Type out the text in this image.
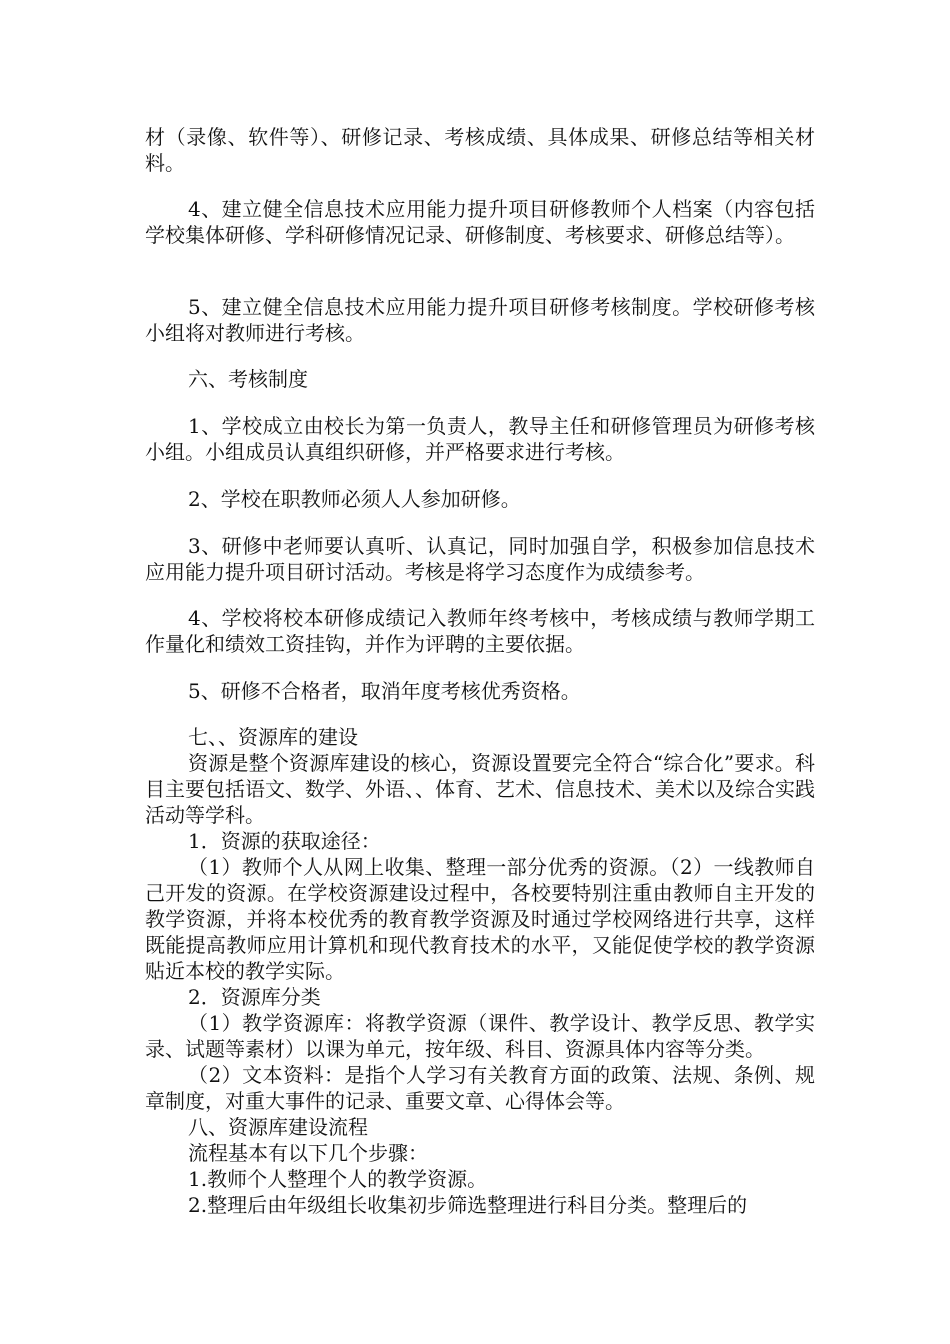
材（录像、软件等）、研修记录、考核成绩、具体成果、研修总结等相关材料。

4、建立健全信息技术应用能力提升项目研修教师个人档案（内容包括学校集体研修、学科研修情况记录、研修制度、考核要求、研修总结等）。

5、建立健全信息技术应用能力提升项目研修考核制度。学校研修考核小组将对教师进行考核。

六、考核制度

1、学校成立由校长为第一负责人，教导主任和研修管理员为研修考核小组。小组成员认真组织研修，并严格要求进行考核。

2、学校在职教师必须人人参加研修。

3、研修中老师要认真听、认真记，同时加强自学，积极参加信息技术应用能力提升项目研讨活动。考核是将学习态度作为成绩参考。

4、学校将校本研修成绩记入教师年终考核中，考核成绩与教师学期工作量化和绩效工资挂钩，并作为评聘的主要依据。

5、研修不合格者，取消年度考核优秀资格。

七、、资源库的建设

资源是整个资源库建设的核心，资源设置要完全符合“综合化”要求。科目主要包括语文、数学、外语、、体育、艺术、信息技术、美术以及综合实践活动等学科。

1．资源的获取途径：

（1）教师个人从网上收集、整理一部分优秀的资源。（2）一线教师自己开发的资源。在学校资源建设过程中，各校要特别注重由教师自主开发的教学资源，并将本校优秀的教育教学资源及时通过学校网络进行共享，这样既能提高教师应用计算机和现代教育技术的水平，又能促使学校的教学资源贴近本校的教学实际。

2．资源库分类

（1）教学资源库：将教学资源（课件、教学设计、教学反思、教学实录、试题等素材）以课为单元，按年级、科目、资源具体内容等分类。

（2）文本资料：是指个人学习有关教育方面的政策、法规、条例、规章制度，对重大事件的记录、重要文章、心得体会等。

八、资源库建设流程

流程基本有以下几个步骤：

1.教师个人整理个人的教学资源。

2.整理后由年级组长收集初步筛选整理进行科目分类。整理后的
